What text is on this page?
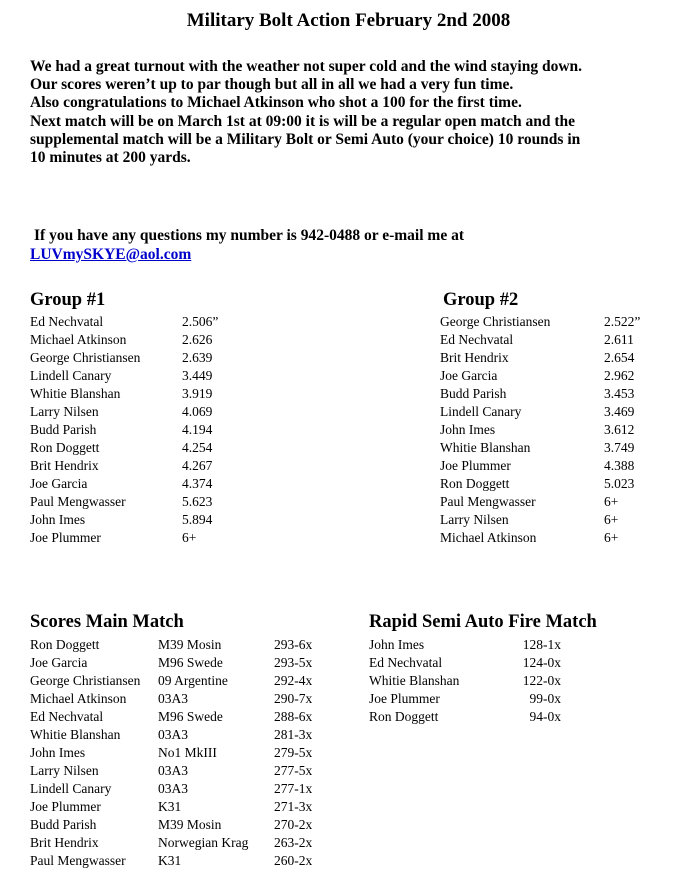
Military Bolt Action February 2nd 2008
We had a great turnout with the weather not super cold and the wind staying down.
Our scores weren’t up to par though but all in all we had a very fun time.
Also congratulations to Michael Atkinson who shot a 100 for the first time.
Next match will be on March 1st at 09:00 it is will be a regular open match and the
supplemental match will be a Military Bolt or Semi Auto (your choice) 10 rounds in
10 minutes at 200 yards.
If you have any questions my number is 942-0488 or e-mail me at
LUVmySKYE@aol.com
Group #1
Ed Nechvatal	2.506”
Michael Atkinson	2.626
George Christiansen	2.639
Lindell Canary	3.449
Whitie Blanshan	3.919
Larry Nilsen	4.069
Budd Parish	4.194
Ron Doggett	4.254
Brit Hendrix	4.267
Joe Garcia	4.374
Paul Mengwasser	5.623
John Imes	5.894
Joe Plummer	6+
Group #2
George Christiansen	2.522”
Ed Nechvatal	2.611
Brit Hendrix	2.654
Joe Garcia	2.962
Budd Parish	3.453
Lindell Canary	3.469
John Imes	3.612
Whitie Blanshan	3.749
Joe Plummer	4.388
Ron Doggett	5.023
Paul Mengwasser	6+
Larry Nilsen	6+
Michael Atkinson	6+
Scores Main Match
Ron Doggett	M39 Mosin	293-6x
Joe Garcia	M96 Swede	293-5x
George Christiansen 09 Argentine	292-4x
Michael Atkinson 03A3	290-7x
Ed Nechvatal	M96 Swede	288-6x
Whitie Blanshan	03A3	281-3x
John Imes	No1 MkIII	279-5x
Larry Nilsen	03A3	277-5x
Lindell Canary	03A3	277-1x
Joe Plummer	K31	271-3x
Budd Parish	M39 Mosin	270-2x
Brit Hendrix	Norwegian Krag 263-2x
Paul Mengwasser K31	260-2x
Rapid Semi Auto Fire Match
John Imes	128-1x
Ed Nechvatal	124-0x
Whitie Blanshan	122-0x
Joe Plummer	99-0x
Ron Doggett	94-0x
